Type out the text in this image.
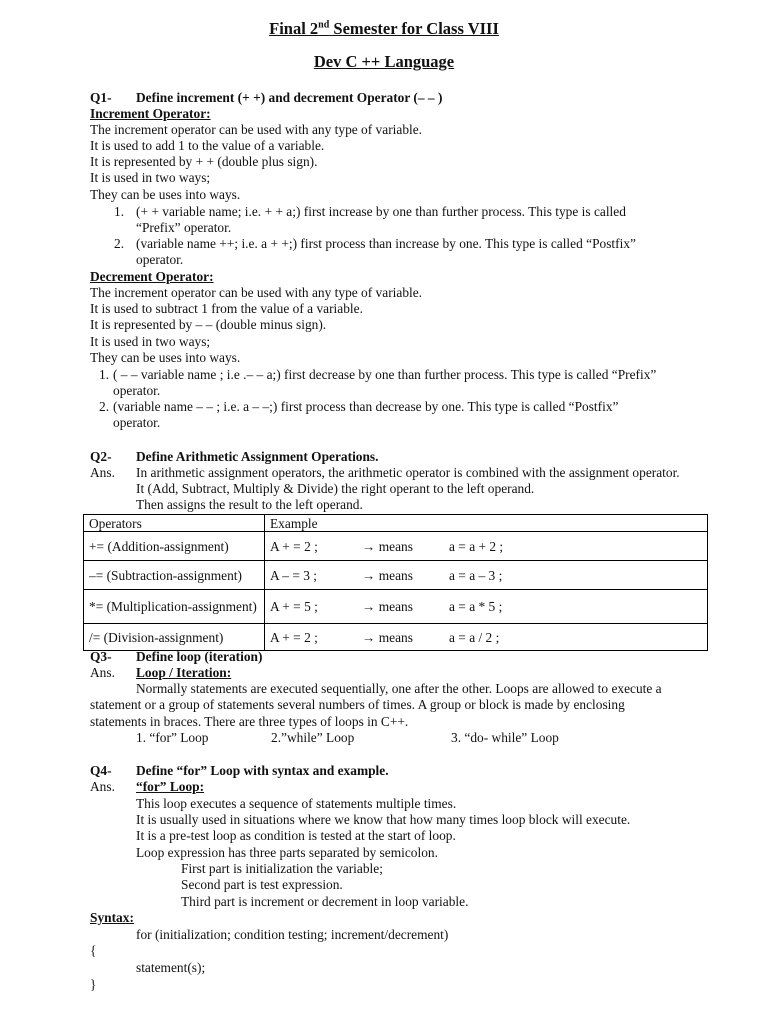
Final 2nd Semester for Class VIII
Dev C ++ Language
Q1- Define increment (+ +) and decrement Operator (– – )
Increment Operator:
The increment operator can be used with any type of variable.
It is used to add 1 to the value of a variable.
It is represented by + + (double plus sign).
It is used in two ways;
They can be uses into ways.
1. (+ + variable name; i.e. + + a;) first increase by one than further process. This type is called
“Prefix” operator.
2. (variable name ++; i.e. a + +;) first process than increase by one. This type is called “Postfix”
operator.
Decrement Operator:
The increment operator can be used with any type of variable.
It is used to subtract 1 from the value of a variable.
It is represented by – – (double minus sign).
It is used in two ways;
They can be uses into ways.
1. ( – – variable name ; i.e .– – a;) first decrease by one than further process. This type is called “Prefix”
operator.
2. (variable name – – ; i.e. a – –;) first process than decrease by one. This type is called “Postfix”
operator.
Q2- Define Arithmetic Assignment Operations.
Ans. In arithmetic assignment operators, the arithmetic operator is combined with the assignment operator.
It (Add, Subtract, Multiply & Divide) the right operant to the left operand.
Then assigns the result to the left operand.
Operators	Example
+= (Addition-assignment)	A + = 2 ; → means a = a + 2 ;
–= (Subtraction-assignment)	A – = 3 ; → means a = a – 3 ;
*= (Multiplication-assignment)	A + = 5 ; → means a = a * 5 ;
/= (Division-assignment)	A + = 2 ; → means a = a / 2 ;
Q3- Define loop (iteration)
Ans. Loop / Iteration:
Normally statements are executed sequentially, one after the other. Loops are allowed to execute a
statement or a group of statements several numbers of times. A group or block is made by enclosing
statements in braces. There are three types of loops in C++.
1. “for” Loop	2.”while” Loop	3. “do- while” Loop
Q4- Define “for” Loop with syntax and example.
Ans. “for” Loop:
This loop executes a sequence of statements multiple times.
It is usually used in situations where we know that how many times loop block will execute.
It is a pre-test loop as condition is tested at the start of loop.
Loop expression has three parts separated by semicolon.
First part is initialization the variable;
Second part is test expression.
Third part is increment or decrement in loop variable.
Syntax:
for (initialization; condition testing; increment/decrement)
{
statement(s);
}
